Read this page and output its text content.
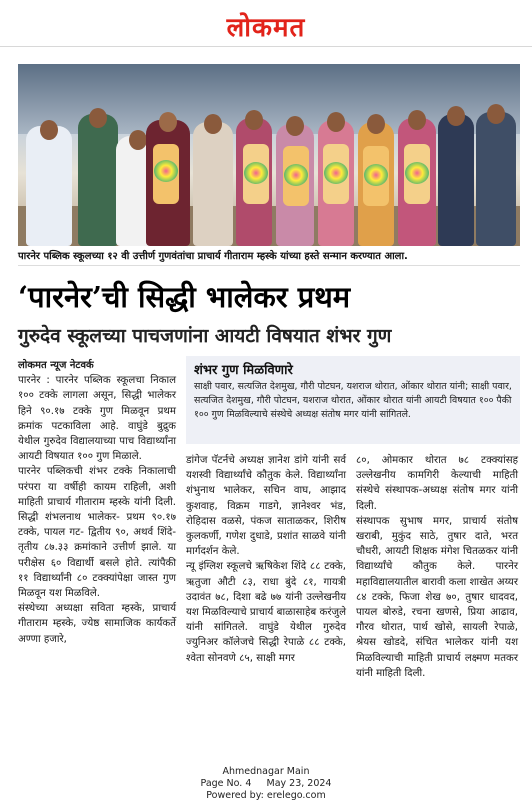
लोकमत
पारनेर पब्लिक स्कूलच्या १२ वी उत्तीर्ण गुणवंतांचा प्राचार्य गीताराम म्हस्के यांच्या हस्ते सन्मान करण्यात आला.
‘पारनेर’ची सिद्धी भालेकर प्रथम
गुरुदेव स्कूलच्या पाचजणांना आयटी विषयात शंभर गुण
शंभर गुण मिळविणारे
साक्षी पवार, सत्यजित देशमुख, गौरी पोटघन, यशराज थोरात, ओंकार थोरात यांनी; साक्षी पवार, सत्यजित देशमुख, गौरी पोटघन, यशराज थोरात, ओंकार थोरात यांनी आयटी विषयात १०० पैकी १०० गुण मिळविल्याचे संस्थेचे अध्यक्ष संतोष मगर यांनी सांगितले.

लोकमत न्यूज नेटवर्क

पारनेर : पारनेर पब्लिक स्कूलचा निकाल १०० टक्के लागला असून, सिद्धी भालेकर हिने ९०.१७ टक्के गुण मिळवून प्रथम क्रमांक पटकाविला आहे. वाघुंडे बुद्रुक येथील गुरुदेव विद्यालयाच्या पाच विद्यार्थ्यांना आयटी विषयात १०० गुण मिळाले.

पारनेर पब्लिकची शंभर टक्के निकालाची परंपरा या वर्षीही कायम राहिली, अशी माहिती प्राचार्य गीताराम म्हस्के यांनी दिली. सिद्धी शंभलनाथ भालेकर- प्रथम ९०.१७ टक्के, पायल गट- द्वितीय ९०, अथर्व शिंदे- तृतीय ८७.३३ क्रमांकाने उत्तीर्ण झाले. या परीक्षेस ६० विद्यार्थी बसले होते. त्यांपैकी ११ विद्यार्थ्यांनी ८० टक्क्यांपेक्षा जास्त गुण मिळवून यश मिळविले.

संस्थेच्या अध्यक्षा सविता म्हस्के, प्राचार्य गीताराम म्हस्के, ज्येष्ठ सामाजिक कार्यकर्ते अण्णा हजारे,

डांगेज पॅटर्नचे अध्यक्ष ज्ञानेश डांगे यांनी सर्व यशस्वी विद्यार्थ्यांचे कौतुक केले. विद्यार्थ्यांना शंभुनाथ भालेकर, सचिन वाघ, आझाद कुशवाह, विक्रम गाडगे, ज्ञानेश्वर भंड, रोहिदास वळसे, पंकज साताळकर, शिरीष कुलकर्णी, गणेश दुधाडे, प्रशांत साळवे यांनी मार्गदर्शन केले.

न्यू इंग्लिश स्कूलचे ऋषिकेश शिंदे ८८ टक्के, ऋतुजा औटी ८३, राधा बुंदे ८१, गायत्री उदावंत ७८, दिशा बढे ७७ यांनी उल्लेखनीय यश मिळविल्याचे प्राचार्य बाळासाहेब करंजुले यांनी सांगितले. वाघुंडे येथील गुरुदेव ज्युनिअर कॉलेजचे सिद्धी रेपाळे ८८ टक्के, श्वेता सोनवणे ८५, साक्षी मगर

८०, ओमकार थोरात ७८ टक्क्यांसह उल्लेखनीय कामगिरी केल्याची माहिती संस्थेचे संस्थापक-अध्यक्ष संतोष मगर यांनी दिली.

संस्थापक सुभाष मगर, प्राचार्य संतोष खराबी, मुकुंद साठे, तुषार दाते, भरत चौधरी, आयटी शिक्षक मंगेश चितळकर यांनी विद्यार्थ्यांचे कौतुक केले. पारनेर महाविद्यालयातील बारावी कला शाखेत अय्यर ८४ टक्के, फिजा शेख ७०, तुषार धादवद, पायल बोरुडे, रचना खणसे, प्रिया आढाव, गौरव थोरात, पार्थ खोसे, सायली रेपाळे, श्रेयस खोडदे, संचित भालेकर यांनी यश मिळविल्याची माहिती प्राचार्य लक्ष्मण मतकर यांनी माहिती दिली.

Ahmednagar Main
Page No. 4 May 23, 2024
Powered by: erelego.com
